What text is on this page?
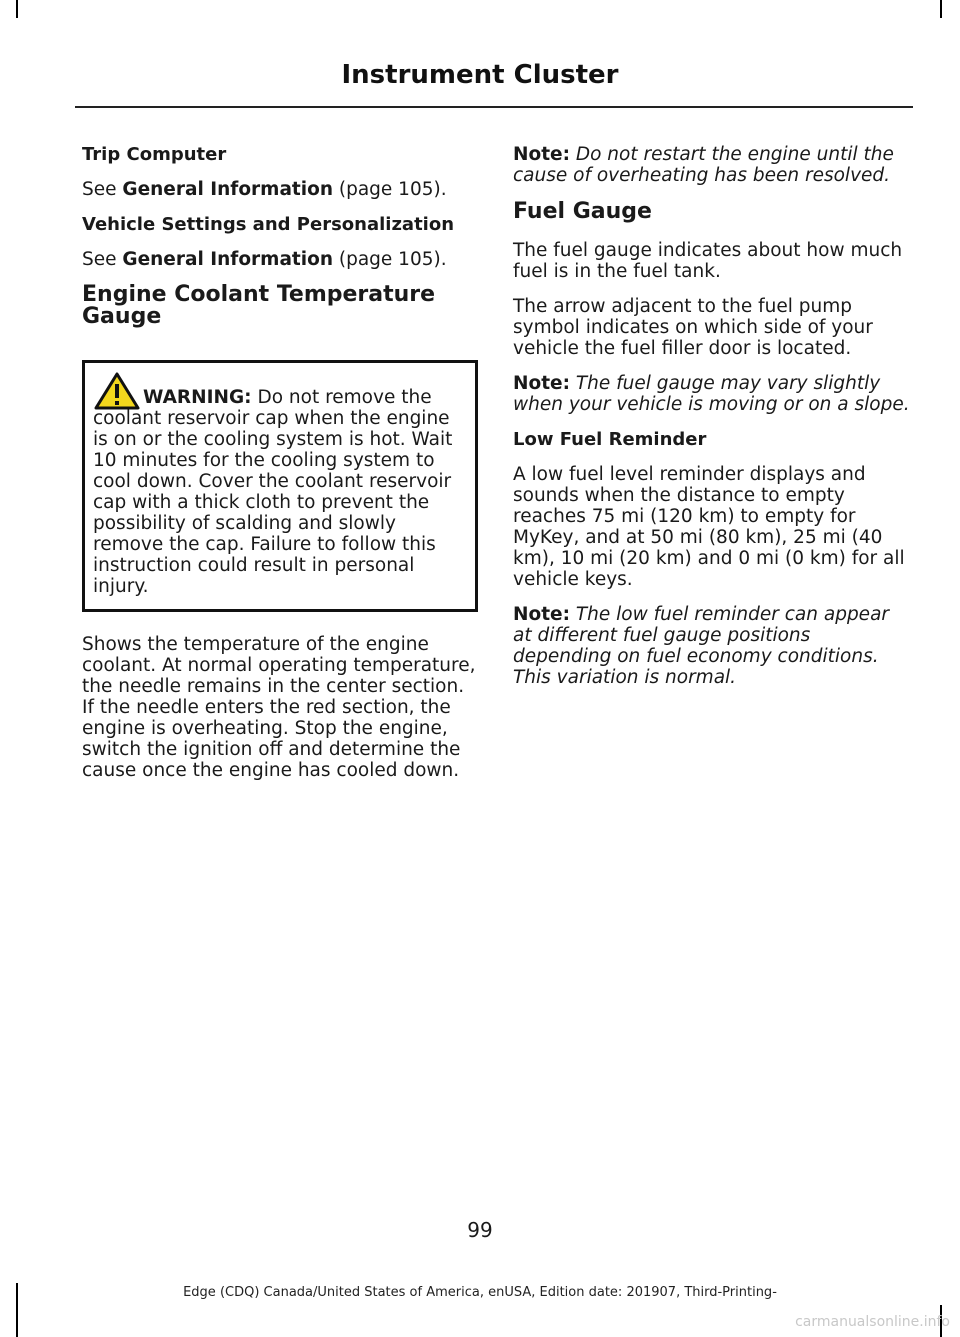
Instrument Cluster

Trip Computer

See General Information (page 105).

Vehicle Settings and Personalization

See General Information (page 105).

Engine Coolant Temperature
Gauge
WARNING: Do not remove the coolant reservoir cap when the engine is on or the cooling system is hot. Wait 10 minutes for the cooling system to cool down. Cover the coolant reservoir cap with a thick cloth to prevent the possibility of scalding and slowly remove the cap. Failure to follow this instruction could result in personal injury.

Shows the temperature of the engine coolant. At normal operating temperature, the needle remains in the center section. If the needle enters the red section, the engine is overheating. Stop the engine, switch the ignition off and determine the cause once the engine has cooled down.

Note: Do not restart the engine until the cause of overheating has been resolved.

Fuel Gauge

The fuel gauge indicates about how much fuel is in the fuel tank.

The arrow adjacent to the fuel pump symbol indicates on which side of your vehicle the fuel filler door is located.

Note: The fuel gauge may vary slightly when your vehicle is moving or on a slope.

Low Fuel Reminder

A low fuel level reminder displays and sounds when the distance to empty reaches 75 mi (120 km) to empty for MyKey, and at 50 mi (80 km), 25 mi (40 km), 10 mi (20 km) and 0 mi (0 km) for all vehicle keys.

Note: The low fuel reminder can appear at different fuel gauge positions depending on fuel economy conditions. This variation is normal.

99
Edge (CDQ) Canada/United States of America, enUSA, Edition date: 201907, Third-Printing-
carmanualsonline.info
